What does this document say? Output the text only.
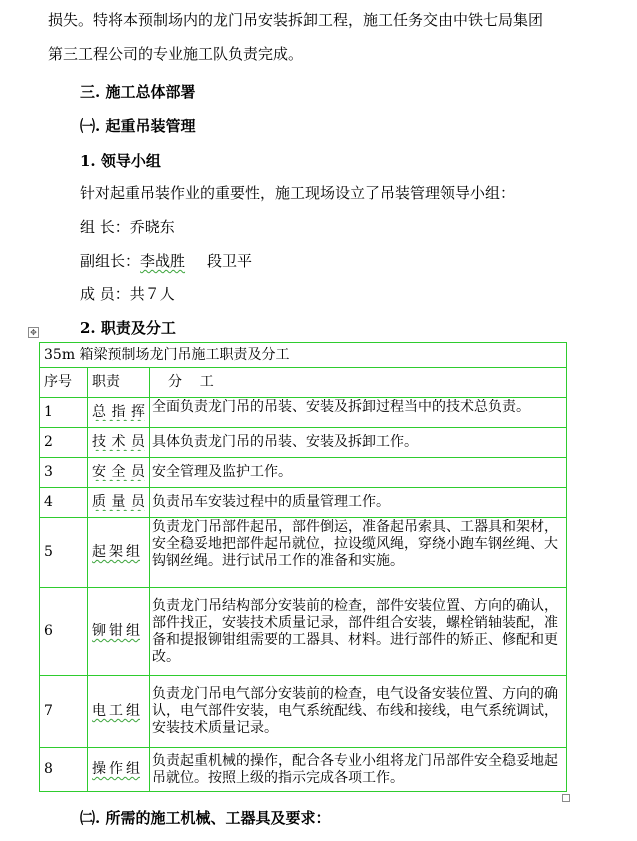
损失。特将本预制场内的龙门吊安装拆卸工程，施工任务交由中铁七局集团
第三工程公司的专业施工队负责完成。
三. 施工总体部署
㈠. 起重吊装管理
1. 领导小组
针对起重吊装作业的重要性，施工现场设立了吊装管理领导小组：
组 长：乔晓东
副组长：李战胜 段卫平
成 员：共７人
2. 职责及分工
✥
35m 箱梁预制场龙门吊施工职责及分工		
序号	职责	分    工
1	总指挥	全面负责龙门吊的吊装、安装及拆卸过程当中的技术总负责。

2	技术员	具体负责龙门吊的吊装、安装及拆卸工作。
3	安全员	安全管理及监护工作。
4	质量员	负责吊车安装过程中的质量管理工作。
5	起架组	负责龙门吊部件起吊，部件倒运，准备起吊索具、工器具和架材，安全稳妥地把部件起吊就位，拉设缆风绳，穿绕小跑车钢丝绳、大钩钢丝绳。进行试吊工作的准备和实施。

6	铆钳组	负责龙门吊结构部分安装前的检查，部件安装位置、方向的确认，部件找正，安装技术质量记录，部件组合安装，螺栓销轴装配，准备和提报铆钳组需要的工器具、材料。进行部件的矫正、修配和更改。
7	电工组	负责龙门吊电气部分安装前的检查，电气设备安装位置、方向的确认，电气部件安装，电气系统配线、布线和接线，电气系统调试，安装技术质量记录。
8	操作组	负责起重机械的操作，配合各专业小组将龙门吊部件安全稳妥地起吊就位。按照上级的指示完成各项工作。
㈡. 所需的施工机械、工器具及要求：
